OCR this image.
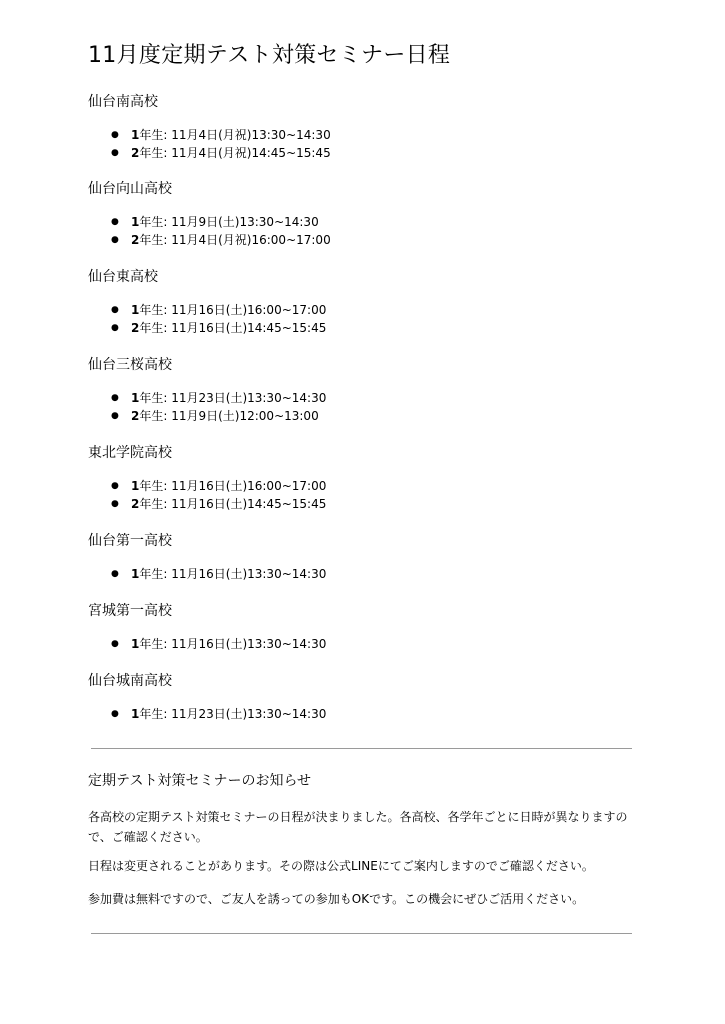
11月度定期テスト対策セミナー日程
仙台南高校
● 1年生: 11月4日(月祝)13:30~14:30
● 2年生: 11月4日(月祝)14:45~15:45
仙台向山高校
● 1年生: 11月9日(土)13:30~14:30
● 2年生: 11月4日(月祝)16:00~17:00
仙台東高校
● 1年生: 11月16日(土)16:00~17:00
● 2年生: 11月16日(土)14:45~15:45
仙台三桜高校
● 1年生: 11月23日(土)13:30~14:30
● 2年生: 11月9日(土)12:00~13:00
東北学院高校
● 1年生: 11月16日(土)16:00~17:00
● 2年生: 11月16日(土)14:45~15:45
仙台第一高校
● 1年生: 11月16日(土)13:30~14:30
宮城第一高校
● 1年生: 11月16日(土)13:30~14:30
仙台城南高校
● 1年生: 11月23日(土)13:30~14:30
定期テスト対策セミナーのお知らせ

各高校の定期テスト対策セミナーの日程が決まりました。各高校、各学年ごとに日時が異なりますので、ご確認ください。

日程は変更されることがあります。その際は公式LINEにてご案内しますのでご確認ください。

参加費は無料ですので、ご友人を誘っての参加もOKです。この機会にぜひご活用ください。
